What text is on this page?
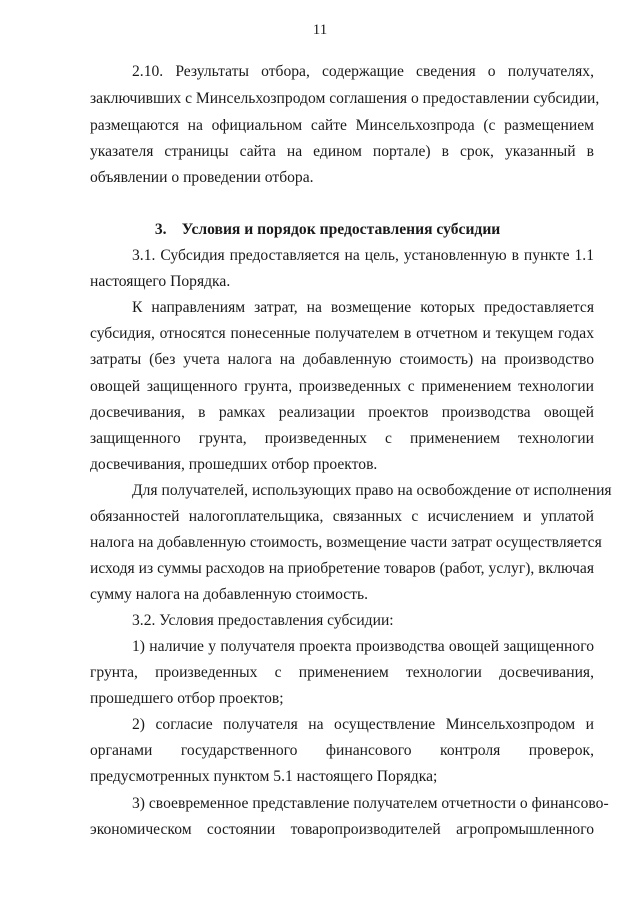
11
2.10. Результаты отбора, содержащие сведения о получателях,
заключивших с Минсельхозпродом соглашения о предоставлении субсидии,
размещаются на официальном сайте Минсельхозпрода (с размещением
указателя страницы сайта на едином портале) в срок, указанный в
объявлении о проведении отбора.
3. Условия и порядок предоставления субсидии
3.1. Субсидия предоставляется на цель, установленную в пункте 1.1
настоящего Порядка.
К направлениям затрат, на возмещение которых предоставляется
субсидия, относятся понесенные получателем в отчетном и текущем годах
затраты (без учета налога на добавленную стоимость) на производство
овощей защищенного грунта, произведенных с применением технологии
досвечивания, в рамках реализации проектов производства овощей
защищенного грунта, произведенных с применением технологии
досвечивания, прошедших отбор проектов.
Для получателей, использующих право на освобождение от исполнения
обязанностей налогоплательщика, связанных с исчислением и уплатой
налога на добавленную стоимость, возмещение части затрат осуществляется
исходя из суммы расходов на приобретение товаров (работ, услуг), включая
сумму налога на добавленную стоимость.
3.2. Условия предоставления субсидии:
1) наличие у получателя проекта производства овощей защищенного
грунта, произведенных с применением технологии досвечивания,
прошедшего отбор проектов;
2) согласие получателя на осуществление Минсельхозпродом и
органами государственного финансового контроля проверок,
предусмотренных пунктом 5.1 настоящего Порядка;
3) своевременное представление получателем отчетности о финансово-
экономическом состоянии товаропроизводителей агропромышленного
